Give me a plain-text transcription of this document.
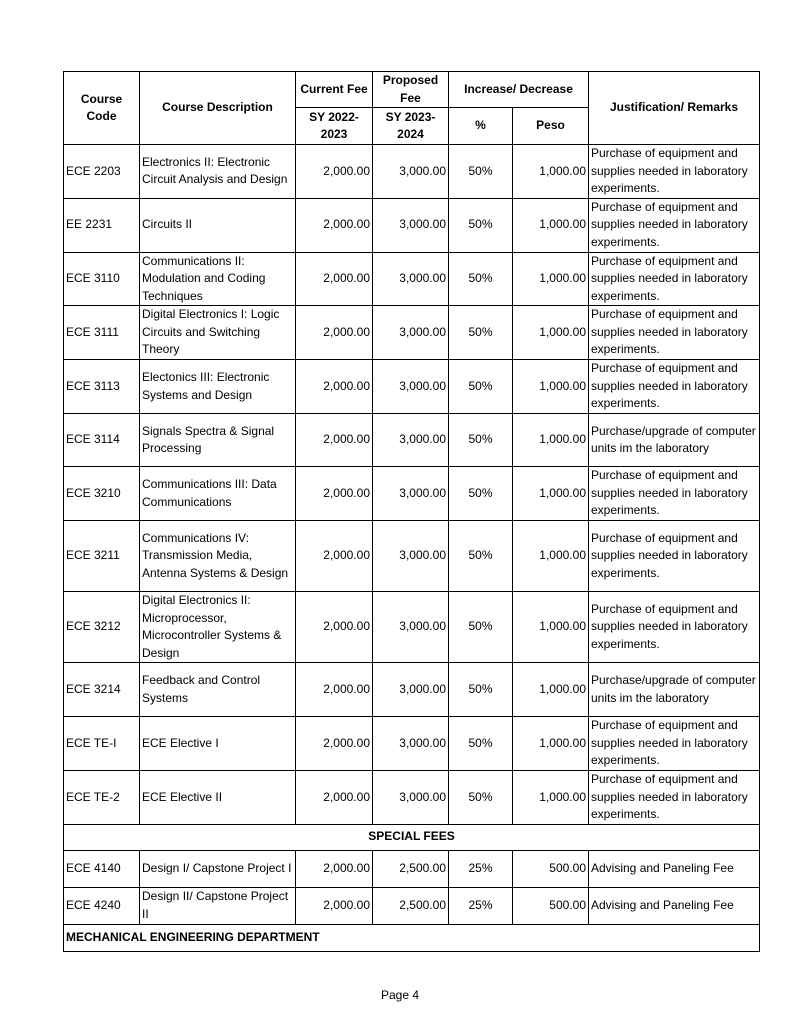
Course Code	Course Description	Current Fee	Proposed Fee	Increase/ Decrease		Justification/ Remarks
		SY 2022-2023	SY 2023-2024	%	Peso	
ECE 2203	Electronics II: Electronic Circuit Analysis and Design	2,000.00	3,000.00	50%	1,000.00	Purchase of equipment and supplies needed in laboratory experiments.
EE 2231	Circuits II	2,000.00	3,000.00	50%	1,000.00	Purchase of equipment and supplies needed in laboratory experiments.
ECE 3110	Communications II: Modulation and Coding Techniques	2,000.00	3,000.00	50%	1,000.00	Purchase of equipment and supplies needed in laboratory experiments.
ECE 3111	Digital Electronics I: Logic Circuits and Switching Theory	2,000.00	3,000.00	50%	1,000.00	Purchase of equipment and supplies needed in laboratory experiments.
ECE 3113	Electonics III: Electronic Systems and Design	2,000.00	3,000.00	50%	1,000.00	Purchase of equipment and supplies needed in laboratory experiments.
ECE 3114	Signals Spectra & Signal Processing	2,000.00	3,000.00	50%	1,000.00	Purchase/upgrade of computer units im the laboratory
ECE 3210	Communications III: Data Communications	2,000.00	3,000.00	50%	1,000.00	Purchase of equipment and supplies needed in laboratory experiments.
ECE 3211	Communications IV: Transmission Media, Antenna Systems & Design	2,000.00	3,000.00	50%	1,000.00	Purchase of equipment and supplies needed in laboratory experiments.
ECE 3212	Digital Electronics II: Microprocessor, Microcontroller Systems & Design	2,000.00	3,000.00	50%	1,000.00	Purchase of equipment and supplies needed in laboratory experiments.
ECE 3214	Feedback and Control Systems	2,000.00	3,000.00	50%	1,000.00	Purchase/upgrade of computer units im the laboratory
ECE TE-I	ECE Elective I	2,000.00	3,000.00	50%	1,000.00	Purchase of equipment and supplies needed in laboratory experiments.
ECE TE-2	ECE Elective II	2,000.00	3,000.00	50%	1,000.00	Purchase of equipment and supplies needed in laboratory experiments.
SPECIAL FEES						
ECE 4140	Design I/ Capstone Project I	2,000.00	2,500.00	25%	500.00	Advising and Paneling Fee
ECE 4240	Design II/ Capstone Project II	2,000.00	2,500.00	25%	500.00	Advising and Paneling Fee
MECHANICAL ENGINEERING DEPARTMENT						
Page 4
